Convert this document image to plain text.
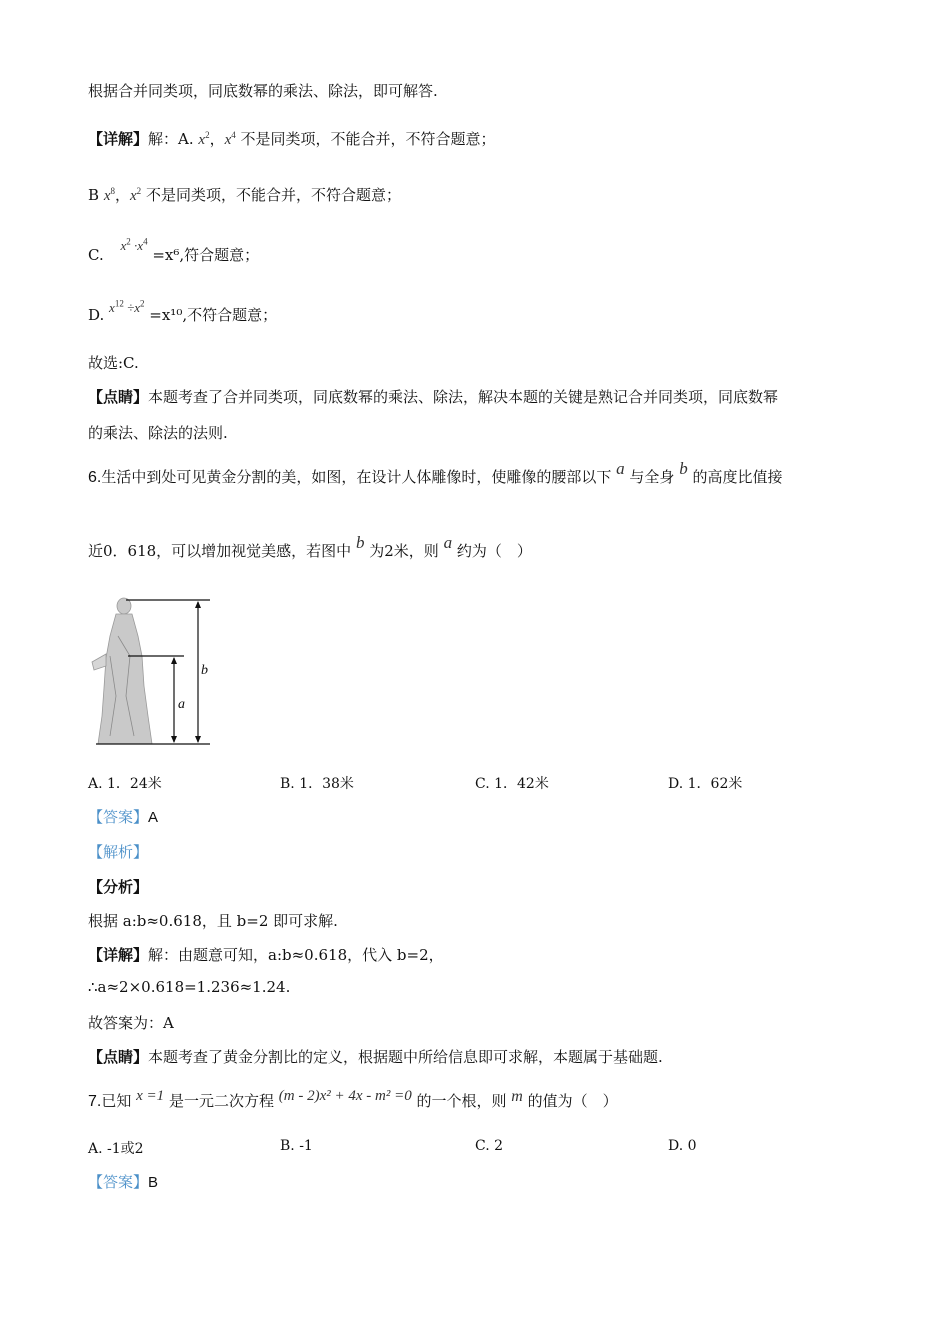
根据合并同类项，同底数幂的乘法、除法，即可解答.
【详解】解：A. $x^2$，$x^4$ 不是同类项，不能合并，不符合题意；
B $x^8$，$x^2$ 不是同类项，不能合并，不符合题意；
C. $x^2 \cdot x^4 =x^6$,符合题意；
D. $x^{12} \div x^2 =x^{10}$,不符合题意；
故选:C.
【点睛】本题考查了合并同类项，同底数幂的乘法、除法，解决本题的关键是熟记合并同类项，同底数幂
的乘法、除法的法则.
6.生活中到处可见黄金分割的美，如图，在设计人体雕像时，使雕像的腰部以下 a 与全身 b 的高度比值接
近0．618，可以增加视觉美感，若图中 b 为2米，则 a 约为（　）
a
b
A. 1．24米	B. 1．38米	C. 1．42米	D. 1．62米
【答案】A
【解析】
【分析】
根据 a:b≈0.618，且 b=2 即可求解.
【详解】解：由题意可知，a:b≈0.618，代入 b=2，
∴a≈2×0.618=1.236≈1.24.
故答案为：A
【点睛】本题考查了黄金分割比的定义，根据题中所给信息即可求解，本题属于基础题.
7.已知 x =1 是一元二次方程 (m - 2)x² + 4x - m² =0 的一个根，则 m 的值为（　）
A. -1或2	B. -1	C. 2	D. 0
【答案】B
